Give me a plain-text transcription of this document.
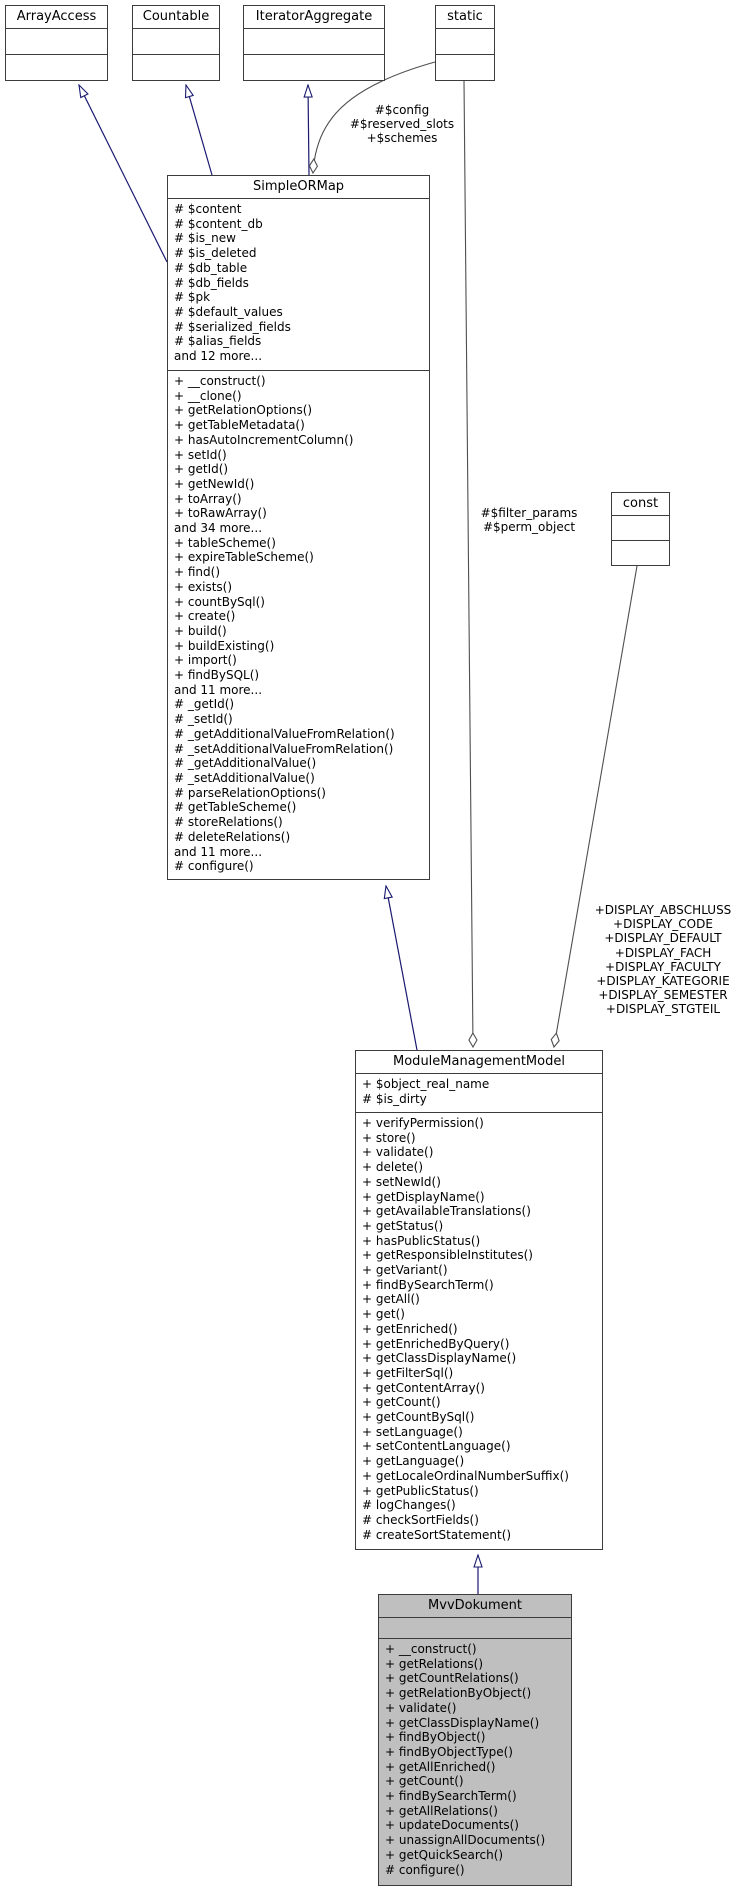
ArrayAccess	Countable	IteratorAggregate	static
SimpleORMap
# $content
# $content_db
# $is_new
# $is_deleted
# $db_table
# $db_fields
# $pk
# $default_values
# $serialized_fields
# $alias_fields
and 12 more...
+ __construct()
+ __clone()
+ getRelationOptions()
+ getTableMetadata()
+ hasAutoIncrementColumn()
+ setId()
+ getId()
+ getNewId()
+ toArray()
+ toRawArray()
and 34 more...
+ tableScheme()
+ expireTableScheme()
+ find()
+ exists()
+ countBySql()
+ create()
+ build()
+ buildExisting()
+ import()
+ findBySQL()
and 11 more...
# _getId()
# _setId()
# _getAdditionalValueFromRelation()
# _setAdditionalValueFromRelation()
# _getAdditionalValue()
# _setAdditionalValue()
# parseRelationOptions()
# getTableScheme()
# storeRelations()
# deleteRelations()
and 11 more...
# configure()
const
ModuleManagementModel
+ $object_real_name
# $is_dirty
+ verifyPermission()
+ store()
+ validate()
+ delete()
+ setNewId()
+ getDisplayName()
+ getAvailableTranslations()
+ getStatus()
+ hasPublicStatus()
+ getResponsibleInstitutes()
+ getVariant()
+ findBySearchTerm()
+ getAll()
+ get()
+ getEnriched()
+ getEnrichedByQuery()
+ getClassDisplayName()
+ getFilterSql()
+ getContentArray()
+ getCount()
+ getCountBySql()
+ setLanguage()
+ setContentLanguage()
+ getLanguage()
+ getLocaleOrdinalNumberSuffix()
+ getPublicStatus()
# logChanges()
# checkSortFields()
# createSortStatement()
MvvDokument
+ __construct()
+ getRelations()
+ getCountRelations()
+ getRelationByObject()
+ validate()
+ getClassDisplayName()
+ findByObject()
+ findByObjectType()
+ getAllEnriched()
+ getCount()
+ findBySearchTerm()
+ getAllRelations()
+ updateDocuments()
+ unassignAllDocuments()
+ getQuickSearch()
# configure()
#$config
#$reserved_slots
+$schemes
#$filter_params
#$perm_object
+DISPLAY_ABSCHLUSS
+DISPLAY_CODE
+DISPLAY_DEFAULT
+DISPLAY_FACH
+DISPLAY_FACULTY
+DISPLAY_KATEGORIE
+DISPLAY_SEMESTER
+DISPLAY_STGTEIL
